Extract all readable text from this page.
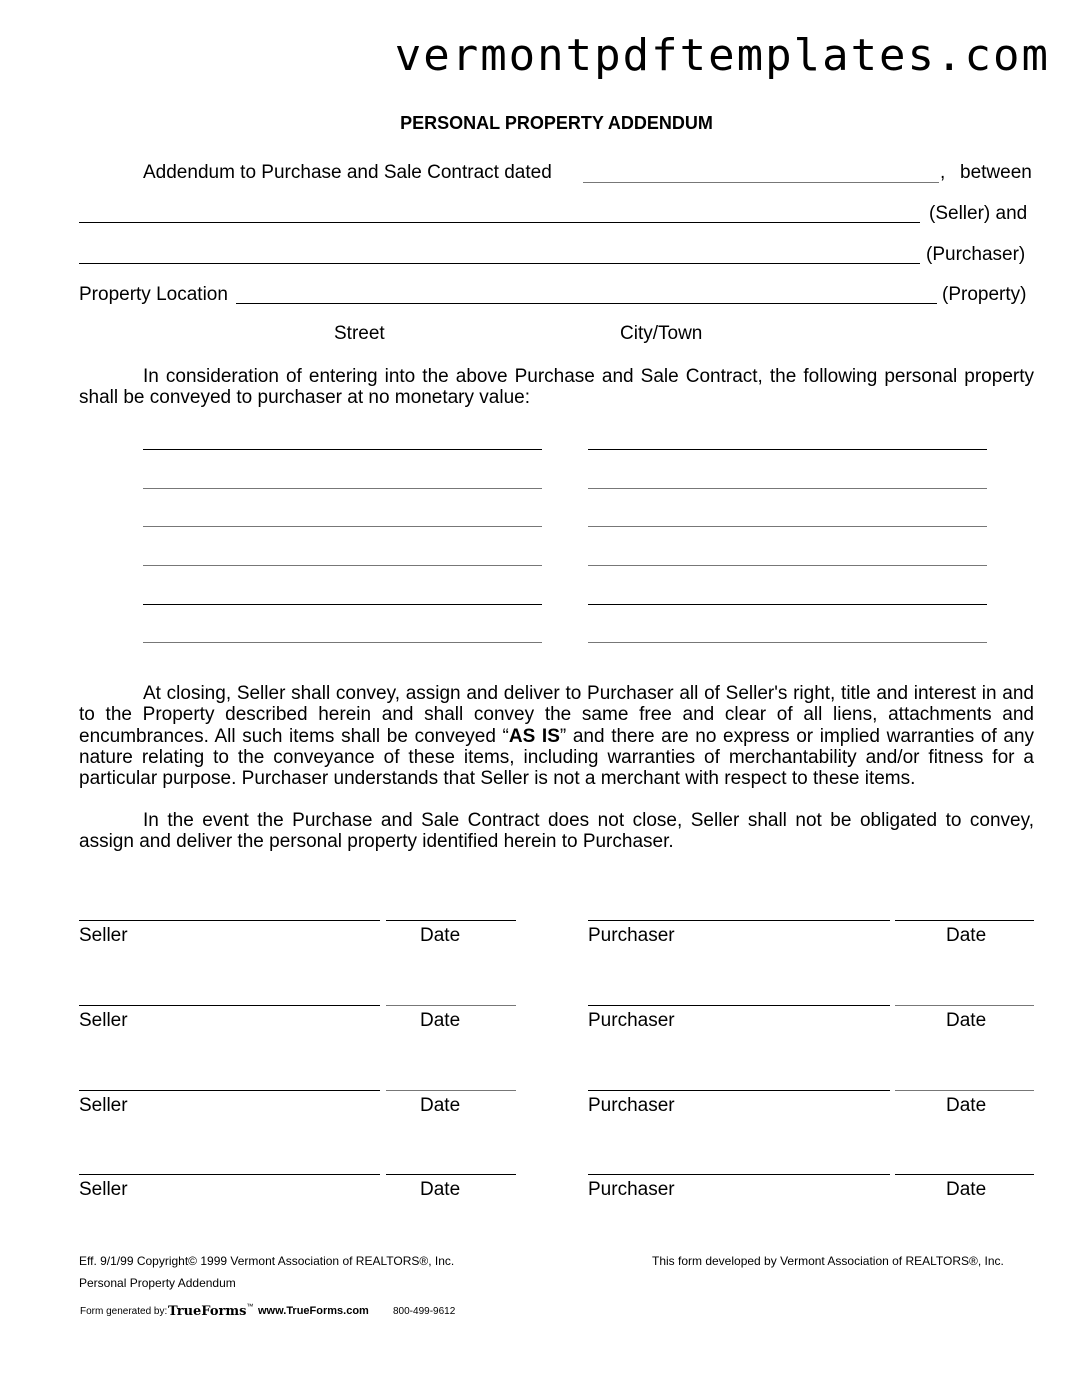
vermontpdftemplates.com
PERSONAL PROPERTY ADDENDUM
Addendum to Purchase and Sale Contract dated	, between
(Seller) and
(Purchaser)
Property Location	(Property)
Street	City/Town
In consideration of entering into the above Purchase and Sale Contract, the following personal property shall be conveyed to purchaser at no monetary value:
At closing, Seller shall convey, assign and deliver to Purchaser all of Seller's right, title and interest in and to the Property described herein and shall convey the same free and clear of all liens, attachments and encumbrances. All such items shall be conveyed “AS IS” and there are no express or implied warranties of any nature relating to the conveyance of these items, including warranties of merchantability and/or fitness for a particular purpose. Purchaser understands that Seller is not a merchant with respect to these items.
In the event the Purchase and Sale Contract does not close, Seller shall not be obligated to convey, assign and deliver the personal property identified herein to Purchaser.
Seller	Date	Purchaser	Date
Seller	Date	Purchaser	Date
Seller	Date	Purchaser	Date
Seller	Date	Purchaser	Date
Eff. 9/1/99 Copyright© 1999 Vermont Association of REALTORS®, Inc.	This form developed by Vermont Association of REALTORS®, Inc.
Personal Property Addendum
Form generated by: TrueForms™ www.TrueForms.com 800-499-9612
